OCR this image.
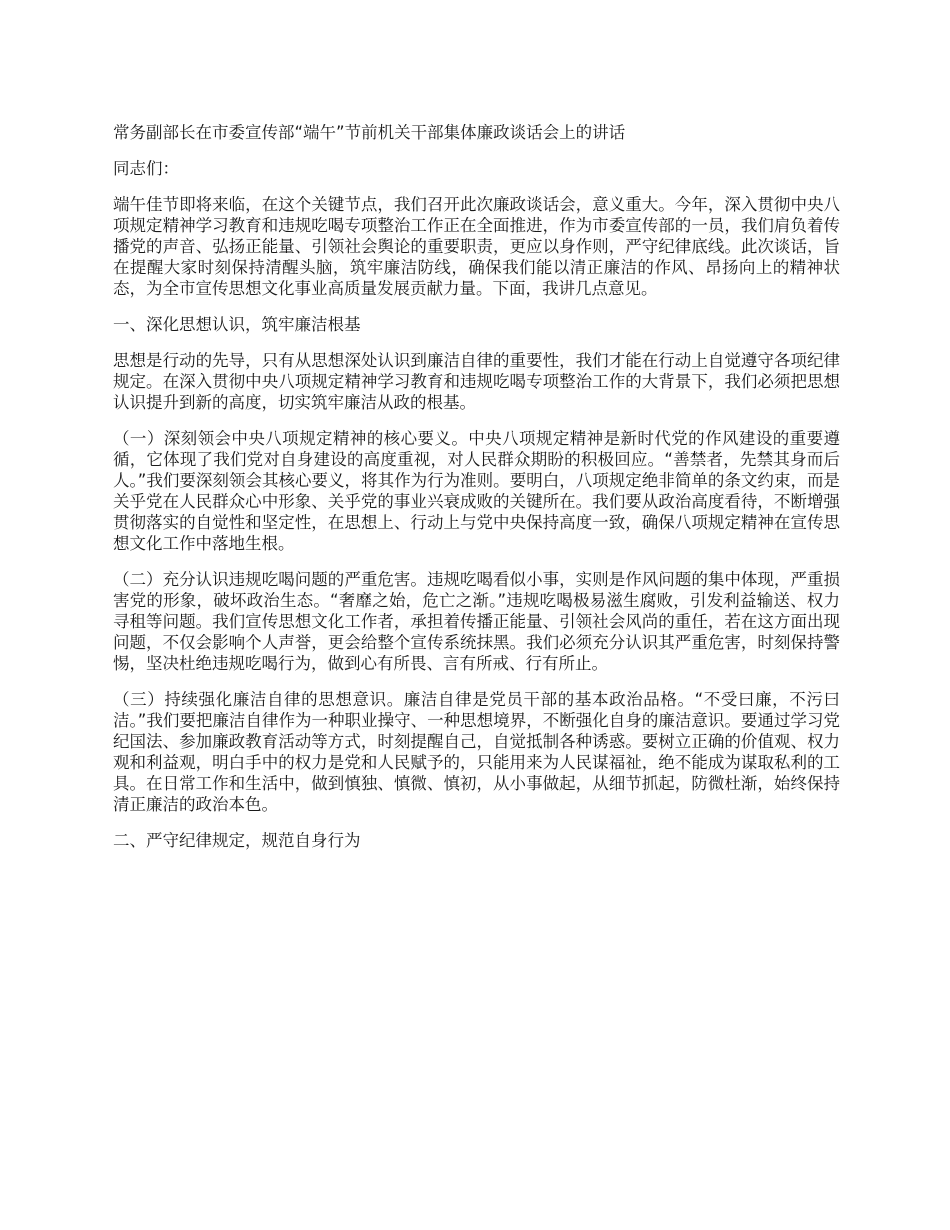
常务副部长在市委宣传部“端午”节前机关干部集体廉政谈话会上的讲话

同志们：

端午佳节即将来临，在这个关键节点，我们召开此次廉政谈话会，意义重大。今年，深入贯彻中央八项规定精神学习教育和违规吃喝专项整治工作正在全面推进，作为市委宣传部的一员，我们肩负着传播党的声音、弘扬正能量、引领社会舆论的重要职责，更应以身作则，严守纪律底线。此次谈话，旨在提醒大家时刻保持清醒头脑，筑牢廉洁防线，确保我们能以清正廉洁的作风、昂扬向上的精神状态，为全市宣传思想文化事业高质量发展贡献力量。下面，我讲几点意见。

一、深化思想认识，筑牢廉洁根基

思想是行动的先导，只有从思想深处认识到廉洁自律的重要性，我们才能在行动上自觉遵守各项纪律规定。在深入贯彻中央八项规定精神学习教育和违规吃喝专项整治工作的大背景下，我们必须把思想认识提升到新的高度，切实筑牢廉洁从政的根基。

（一）深刻领会中央八项规定精神的核心要义。中央八项规定精神是新时代党的作风建设的重要遵循，它体现了我们党对自身建设的高度重视，对人民群众期盼的积极回应。“善禁者，先禁其身而后人。”我们要深刻领会其核心要义，将其作为行为准则。要明白，八项规定绝非简单的条文约束，而是关乎党在人民群众心中形象、关乎党的事业兴衰成败的关键所在。我们要从政治高度看待，不断增强贯彻落实的自觉性和坚定性，在思想上、行动上与党中央保持高度一致，确保八项规定精神在宣传思想文化工作中落地生根。

（二）充分认识违规吃喝问题的严重危害。违规吃喝看似小事，实则是作风问题的集中体现，严重损害党的形象，破坏政治生态。“奢靡之始，危亡之渐。”违规吃喝极易滋生腐败，引发利益输送、权力寻租等问题。我们宣传思想文化工作者，承担着传播正能量、引领社会风尚的重任，若在这方面出现问题，不仅会影响个人声誉，更会给整个宣传系统抹黑。我们必须充分认识其严重危害，时刻保持警惕，坚决杜绝违规吃喝行为，做到心有所畏、言有所戒、行有所止。

（三）持续强化廉洁自律的思想意识。廉洁自律是党员干部的基本政治品格。“不受曰廉，不污曰洁。”我们要把廉洁自律作为一种职业操守、一种思想境界，不断强化自身的廉洁意识。要通过学习党纪国法、参加廉政教育活动等方式，时刻提醒自己，自觉抵制各种诱惑。要树立正确的价值观、权力观和利益观，明白手中的权力是党和人民赋予的，只能用来为人民谋福祉，绝不能成为谋取私利的工具。在日常工作和生活中，做到慎独、慎微、慎初，从小事做起，从细节抓起，防微杜渐，始终保持清正廉洁的政治本色。

二、严守纪律规定，规范自身行为
